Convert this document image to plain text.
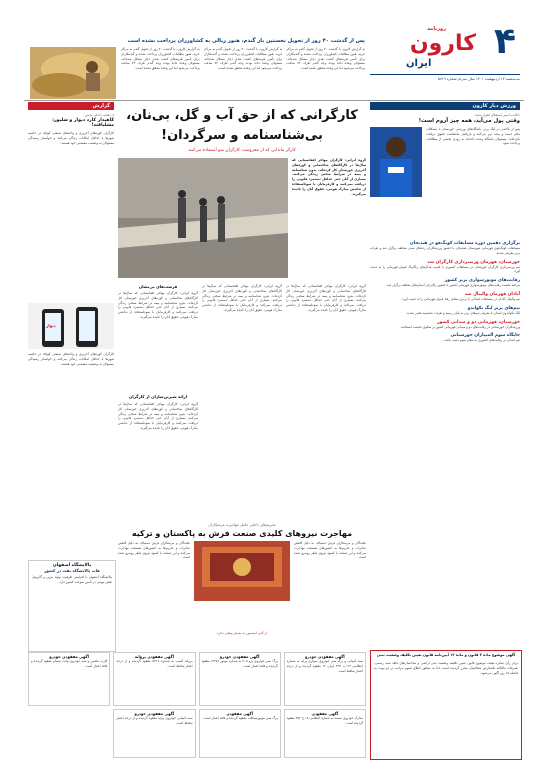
۴
روزنامه
کارون
ایران
ســه‌شنبه ۱۳ اردیبهشت ۱۴۰۱ سال سی‌ام شماره ۵۷۱۹
پس از گذشت ۴۰ روز از تحویل نخستین بار گندم، هنوز ریالی به کشاورزان پرداخت نشده است
به گزارش کارون، با گذشت ۴۰ روز از تحویل گندم به مراکز خرید، هنوز مطالبات کشاورزان پرداخت نشده و گندمکاران برای تأمین هزینه‌های کشت بعدی دچار مشکل شده‌اند. مسئولان وعده داده بودند وجه گندم ظرف ۷۲ ساعت پرداخت می‌شود اما این وعده محقق نشده است.
به گزارش کارون، با گذشت ۴۰ روز از تحویل گندم به مراکز خرید، هنوز مطالبات کشاورزان پرداخت نشده و گندمکاران برای تأمین هزینه‌های کشت بعدی دچار مشکل شده‌اند. مسئولان وعده داده بودند وجه گندم ظرف ۷۲ ساعت پرداخت می‌شود اما این وعده محقق نشده است.
به گزارش کارون، با گذشت ۴۰ روز از تحویل گندم به مراکز خرید، هنوز مطالبات کشاورزان پرداخت نشده و گندمکاران برای تأمین هزینه‌های کشت بعدی دچار مشکل شده‌اند. مسئولان وعده داده بودند وجه گندم ظرف ۷۲ ساعت پرداخت می‌شود اما این وعده محقق نشده است.
ورزش دیار کارون
حکایت اسیر استقلال اهواز مجید
وقتی پول می‌آید، همه چیز آروم است!
پس از ناکامی در لیگ برتر، باشگاه‌های ورزشی خوزستان با مشکلات مالی دست و پنجه نرم می‌کنند و بازیکنان ماه‌هاست حقوق دریافت نکرده‌اند. مسئولان باشگاه وعده داده‌اند به زودی بخشی از مطالبات پرداخت شود.
برگزاری دهمین دوره مسابقات کونگ‌فو در هندیجان
مسابقات کونگ‌فوی قهرمانی شهرستان هندیجان با حضور ورزشکاران رده‌های سنی مختلف برگزار شد و نفرات برتر معرفی شدند.
خوزستان، قهرمان وزنه‌برداری کارگران شد
تیم وزنه‌برداری کارگران خوزستان در مسابقات کشوری با کسب مدال‌های رنگارنگ عنوان قهرمانی را به دست آورد.
رقابت‌های موتورسواری برتر کشور
مرحله نخست رقابت‌های موتورسواری قهرمانی کشور با حضور رکابزنان استان‌های مختلف برگزار شد.
آبادان قهرمان والیبال شد
تیم والیبال آبادان در مسابقات استانی با برتری مقابل رقبا عنوان قهرمانی را به دست آورد.
تیم‌های برتر لیگ تکواندو
لیگ تکواندوی استان با معرفی تیم‌های برتر به پایان رسید و نفرات شایسته تقدیر شدند.
خوزستان، قهرمانی دو و میدانی کشور
ورزشکاران خوزستانی در رقابت‌های دو و میدانی قهرمانی کشور بر سکوی نخست ایستادند.
جایگاه سوم المپیاران خوزستانی
تیم استان در رقابت‌های کشوری به مقام سوم دست یافت.
کارگرانی که از حق آب و گل، بی‌نان، بی‌شناسنامه و سرگردان!
کارگر ماندابی که از محرومیت کارگران سو استفاده می‌کنند
گروه ایرانی: کارگران مهاجر افغانستانی که سال‌ها در کارگاه‌های ساختمانی و کوره‌های آجرپزی خوزستان کار کرده‌اند، بدون شناسنامه و بیمه در شرایط سختی زندگی می‌کنند. بسیاری از آنان حتی حداقل دستمزد قانونی را دریافت نمی‌کنند و کارفرمایان با سوءاستفاده از نداشتن مدارک هویتی، حقوق آنان را نادیده می‌گیرند.
گروه ایرانی: کارگران مهاجر افغانستانی که سال‌ها در کارگاه‌های ساختمانی و کوره‌های آجرپزی خوزستان کار کرده‌اند، بدون شناسنامه و بیمه در شرایط سختی زندگی می‌کنند. بسیاری از آنان حتی حداقل دستمزد قانونی را دریافت نمی‌کنند و کارفرمایان با سوءاستفاده از نداشتن مدارک هویتی، حقوق آنان را نادیده می‌گیرند.
گروه ایرانی: کارگران مهاجر افغانستانی که سال‌ها در کارگاه‌های ساختمانی و کوره‌های آجرپزی خوزستان کار کرده‌اند، بدون شناسنامه و بیمه در شرایط سختی زندگی می‌کنند. بسیاری از آنان حتی حداقل دستمزد قانونی را دریافت نمی‌کنند و کارفرمایان با سوءاستفاده از نداشتن مدارک هویتی، حقوق آنان را نادیده می‌گیرند.
فرصت‌های بی‌نشان
گروه ایرانی: کارگران مهاجر افغانستانی که سال‌ها در کارگاه‌های ساختمانی و کوره‌های آجرپزی خوزستان کار کرده‌اند، بدون شناسنامه و بیمه در شرایط سختی زندگی می‌کنند. بسیاری از آنان حتی حداقل دستمزد قانونی را دریافت نمی‌کنند و کارفرمایان با سوءاستفاده از نداشتن مدارک هویتی، حقوق آنان را نادیده می‌گیرند.
ارائه شیرین‌سازان از کارگران
گروه ایرانی: کارگران مهاجر افغانستانی که سال‌ها در کارگاه‌های ساختمانی و کوره‌های آجرپزی خوزستان کار کرده‌اند، بدون شناسنامه و بیمه در شرایط سختی زندگی می‌کنند. بسیاری از آنان حتی حداقل دستمزد قانونی را دریافت نمی‌کنند و کارفرمایان با سوءاستفاده از نداشتن مدارک هویتی، حقوق آنان را نادیده می‌گیرند.
گزارش
از بعضه داخلی بخش
کاهیدار کارد دیوار و شلیور: مشلیاقند!
کارگران کوره‌های آجرپزی و واحدهای صنعتی کوچک در حاشیه شهرها با حداقل امکانات زندگی می‌کنند و خواستار رسیدگی مسئولان به وضعیت معیشتی خود هستند.
دیوار
کارگران کوره‌های آجرپزی و واحدهای صنعتی کوچک در حاشیه شهرها با حداقل امکانات زندگی می‌کنند و خواستار رسیدگی مسئولان به وضعیت معیشتی خود هستند.
تحریم‌های داخلی عامل مهاجرت مرمتکاران
مهاجرت نیروهای کلیدی صنعت فرش به پاکستان و ترکیه
بافندگان و مرمتکاران فرش دستباف به دلیل کاهش صادرات و تحریم‌ها به کشورهای همسایه مهاجرت می‌کنند و این صنعت با کمبود نیروی ماهر روبه‌رو شده است.
بافندگان و مرمتکاران فرش دستباف به دلیل کاهش صادرات و تحریم‌ها به کشورهای همسایه مهاجرت می‌کنند و این صنعت با کمبود نیروی ماهر روبه‌رو شده است.
از آنتی ایسمین به بسیار پیشی ندارد
پالایشگاه اصفهان
هاب پالایشگاه نفت در کشور
پالایشگاه اصفهان با افزایش ظرفیت تولید بنزین و گازوئیل نقش مهمی در تأمین سوخت کشور دارد.
آگهی موضوع ماده ۳ قانون و ماده ۱۳ آیین‌نامه قانون تعیین تکلیف وضعیت ثبتی
برابر رأی صادره هیئت موضوع قانون تعیین تکلیف وضعیت ثبتی اراضی و ساختمان‌های فاقد سند رسمی، تصرفات مالکانه بلامعارض متقاضیان محرز گردیده است. لذا به منظور اطلاع عموم مراتب در دو نوبت به فاصله ۱۵ روز آگهی می‌شود.
آگهی مفقودی خودرو
سند کمپانی و برگ سبز خودروی سواری پراید به شماره انتظامی ۷۹ ب ۴۲۳ ایران ۱۴ مفقود گردیده و از درجه اعتبار ساقط است.
آگهی مفقودی خودرو
برگ سبز خودروی پژو ۴۰۵ به شماره موتور ۱۲۴۸۹ مفقود گردیده و فاقد اعتبار است.
آگهی مفقودی پروانه
پروانه کسب به شماره ۵۳۱۲ مفقود گردیده و از درجه اعتبار ساقط است.
آگهی مفقودی خودرو
کارت ماشین و سند خودروی وانت نیسان مفقود گردیده و فاقد اعتبار است.
آگهی مفقودی
مدارک خودروی سمند به شماره انتظامی ۱۵ ج ۳۸۲ مفقود گردیده است.
آگهی مفقودی
برگ سبز موتورسیکلت مفقود گردیده و فاقد اعتبار است.
آگهی مفقودی خودرو
سند کمپانی خودروی پراید مفقود گردیده و از درجه اعتبار ساقط است.
